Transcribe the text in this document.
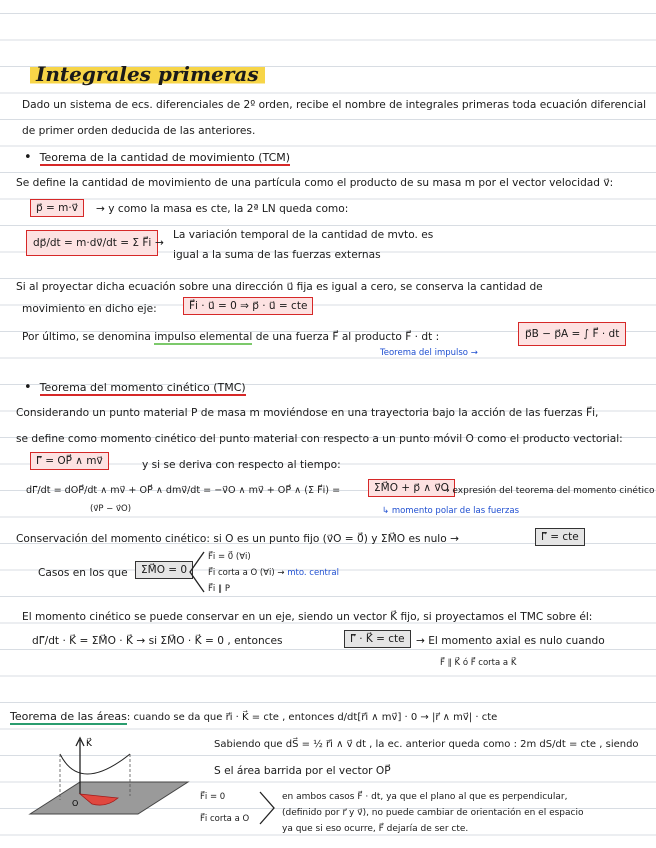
Integrales primeras
Dado un sistema de ecs. diferenciales de 2º orden, recibe el nombre de integrales primeras toda ecuación diferencial
de primer orden deducida de las anteriores.
• Teorema de la cantidad de movimiento (TCM)
Se define la cantidad de movimiento de una partícula como el producto de su masa m por el vector velocidad v⃗:
p⃗ = m·v⃗	→ y como la masa es cte, la 2ª LN queda como:
dp⃗/dt = m·dv⃗/dt = Σ F⃗i →
La variación temporal de la cantidad de mvto. es
igual a la suma de las fuerzas externas
Si al proyectar dicha ecuación sobre una dirección u⃗ fija es igual a cero, se conserva la cantidad de
movimiento en dicho eje:	F⃗i · u⃗ = 0 ⇒ p⃗ · u⃗ = cte
Por último, se denomina impulso elemental de una fuerza F⃗ al producto F⃗ · dt :	p⃗B − p⃗A = ∫ F⃗ · dt
Teorema del impulso →
• Teorema del momento cinético (TMC)
Considerando un punto material P de masa m moviéndose en una trayectoria bajo la acción de las fuerzas F⃗i,
se define como momento cinético del punto material con respecto a un punto móvil O como el producto vectorial:
Γ⃗ = OP⃗ ∧ mv⃗	y si se deriva con respecto al tiempo:
dΓ⃗/dt = dOP⃗/dt ∧ mv⃗ + OP⃗ ∧ dmv⃗/dt = −v⃗O ∧ mv⃗ + OP⃗ ∧ (Σ F⃗i) =	ΣM⃗O + p⃗ ∧ v⃗O
→ expresión del teorema del momento cinético
(v⃗P − v⃗O)	↳ momento polar de las fuerzas
Conservación del momento cinético: si O es un punto fijo (v⃗O = 0⃗) y ΣM⃗O es nulo →	Γ⃗ = cte
Casos en los que	ΣM⃗O = 0
F⃗i = 0⃗ (∀i)
F⃗i corta a O (∀i) → mto. central
F⃗i ∥ P
El momento cinético se puede conservar en un eje, siendo un vector K⃗ fijo, si proyectamos el TMC sobre él:
dΓ⃗/dt · K⃗ = ΣM⃗O · K⃗ → si ΣM⃗O · K⃗ = 0 , entonces	Γ⃗ · K⃗ = cte	→ El momento axial es nulo cuando
F⃗ ∥ K⃗ ó F⃗ corta a K⃗
Teorema de las áreas: cuando se da que r⃗i · K⃗ = cte , entonces d/dt[r⃗i ∧ mv⃗] · 0 → |r⃗ ∧ mv⃗| · cte
Sabiendo que dS⃗ = ½ r⃗i ∧ v⃗ dt , la ec. anterior queda como : 2m dS/dt = cte , siendo
S el área barrida por el vector OP⃗
K⃗
O
F⃗i = 0
F⃗i corta a O
en ambos casos F⃗ · dt, ya que el plano al que es perpendicular,
(definido por r⃗ y v⃗), no puede cambiar de orientación en el espacio
ya que si eso ocurre, F⃗ dejaría de ser cte.
